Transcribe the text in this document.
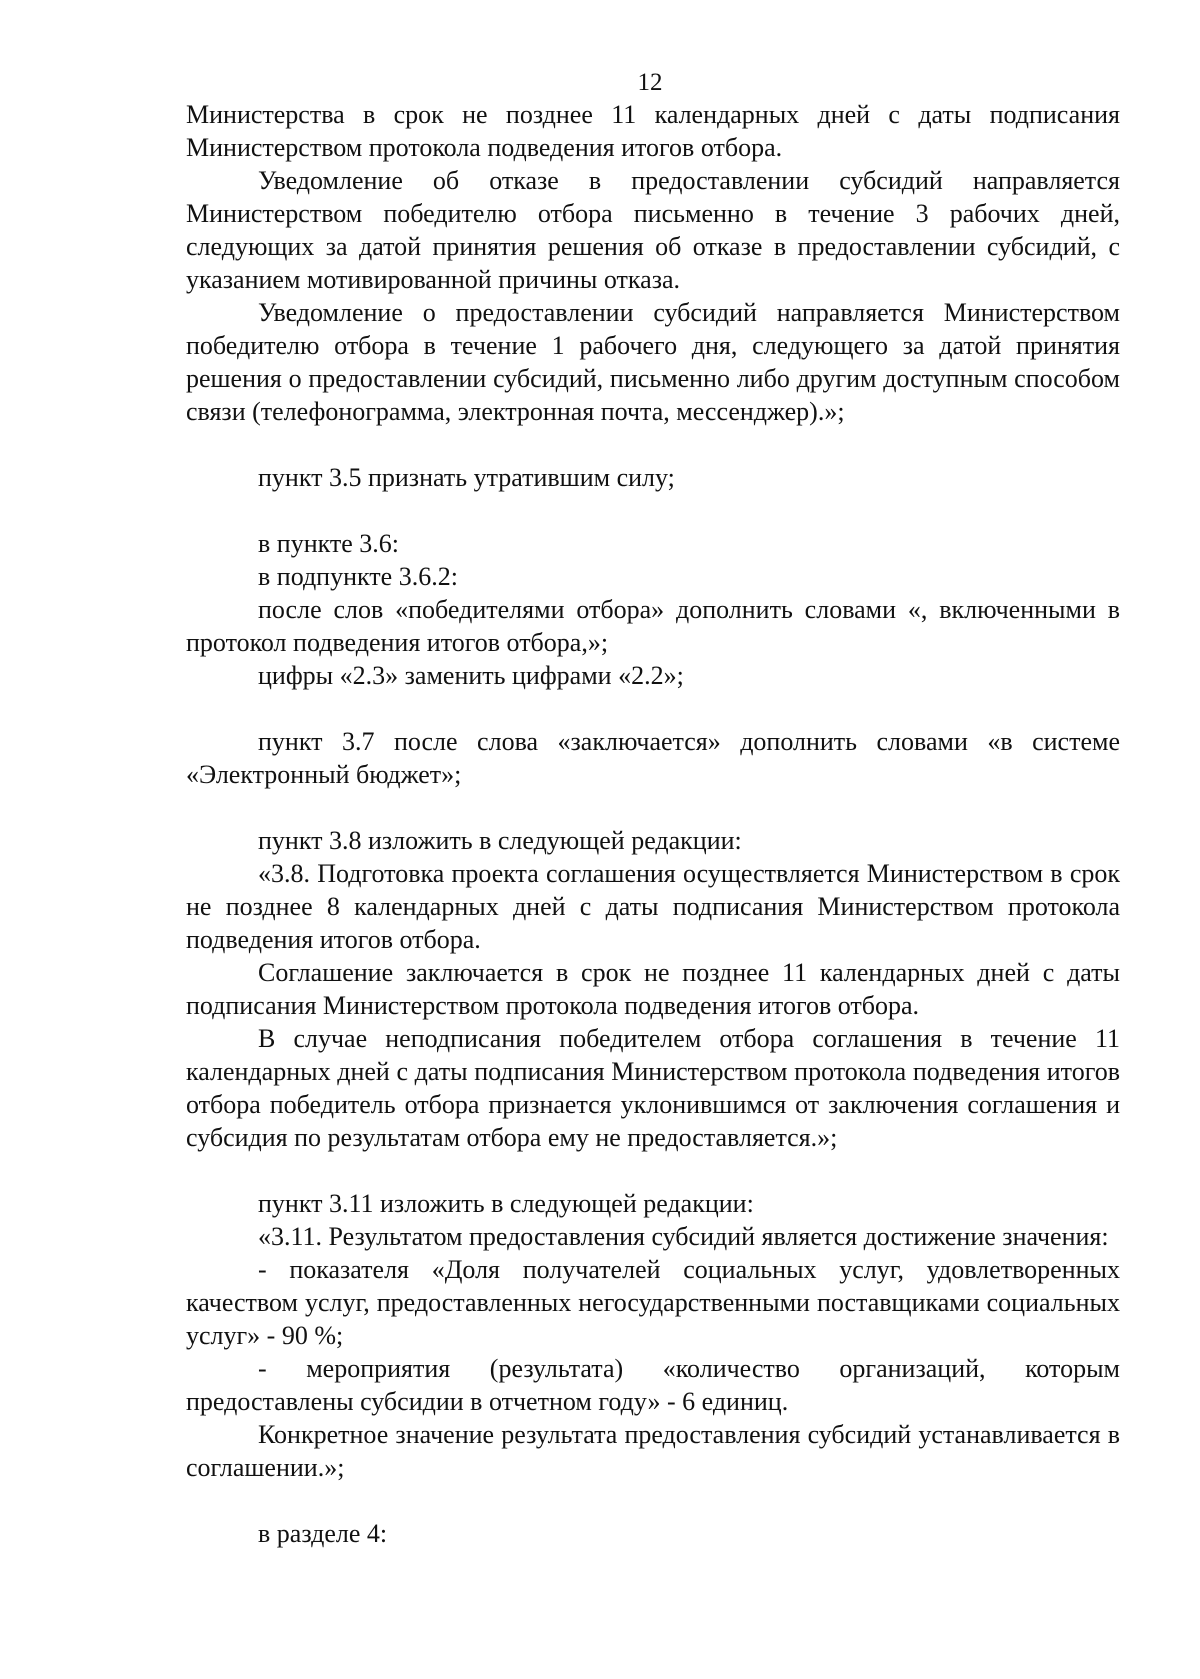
12

Министерства в срок не позднее 11 календарных дней с даты подписания Министерством протокола подведения итогов отбора.

Уведомление об отказе в предоставлении субсидий направляется Министерством победителю отбора письменно в течение 3 рабочих дней, следующих за датой принятия решения об отказе в предоставлении субсидий, с указанием мотивированной причины отказа.

Уведомление о предоставлении субсидий направляется Министерством победителю отбора в течение 1 рабочего дня, следующего за датой принятия решения о предоставлении субсидий, письменно либо другим доступным способом связи (телефонограмма, электронная почта, мессенджер).»;

пункт 3.5 признать утратившим силу;

в пункте 3.6:

в подпункте 3.6.2:

после слов «победителями отбора» дополнить словами «, включенными в протокол подведения итогов отбора,»;

цифры «2.3» заменить цифрами «2.2»;

пункт 3.7 после слова «заключается» дополнить словами «в системе «Электронный бюджет»;

пункт 3.8 изложить в следующей редакции:

«3.8. Подготовка проекта соглашения осуществляется Министерством в срок не позднее 8 календарных дней с даты подписания Министерством протокола подведения итогов отбора.

Соглашение заключается в срок не позднее 11 календарных дней с даты подписания Министерством протокола подведения итогов отбора.

В случае неподписания победителем отбора соглашения в течение 11 календарных дней с даты подписания Министерством протокола подведения итогов отбора победитель отбора признается уклонившимся от заключения соглашения и субсидия по результатам отбора ему не предоставляется.»;

пункт 3.11 изложить в следующей редакции:

«3.11. Результатом предоставления субсидий является достижение значения:

- показателя «Доля получателей социальных услуг, удовлетворенных качеством услуг, предоставленных негосударственными поставщиками социальных услуг» - 90 %;

- мероприятия (результата) «количество организаций, которым предоставлены субсидии в отчетном году» - 6 единиц.

Конкретное значение результата предоставления субсидий устанавливается в соглашении.»;

в разделе 4:
